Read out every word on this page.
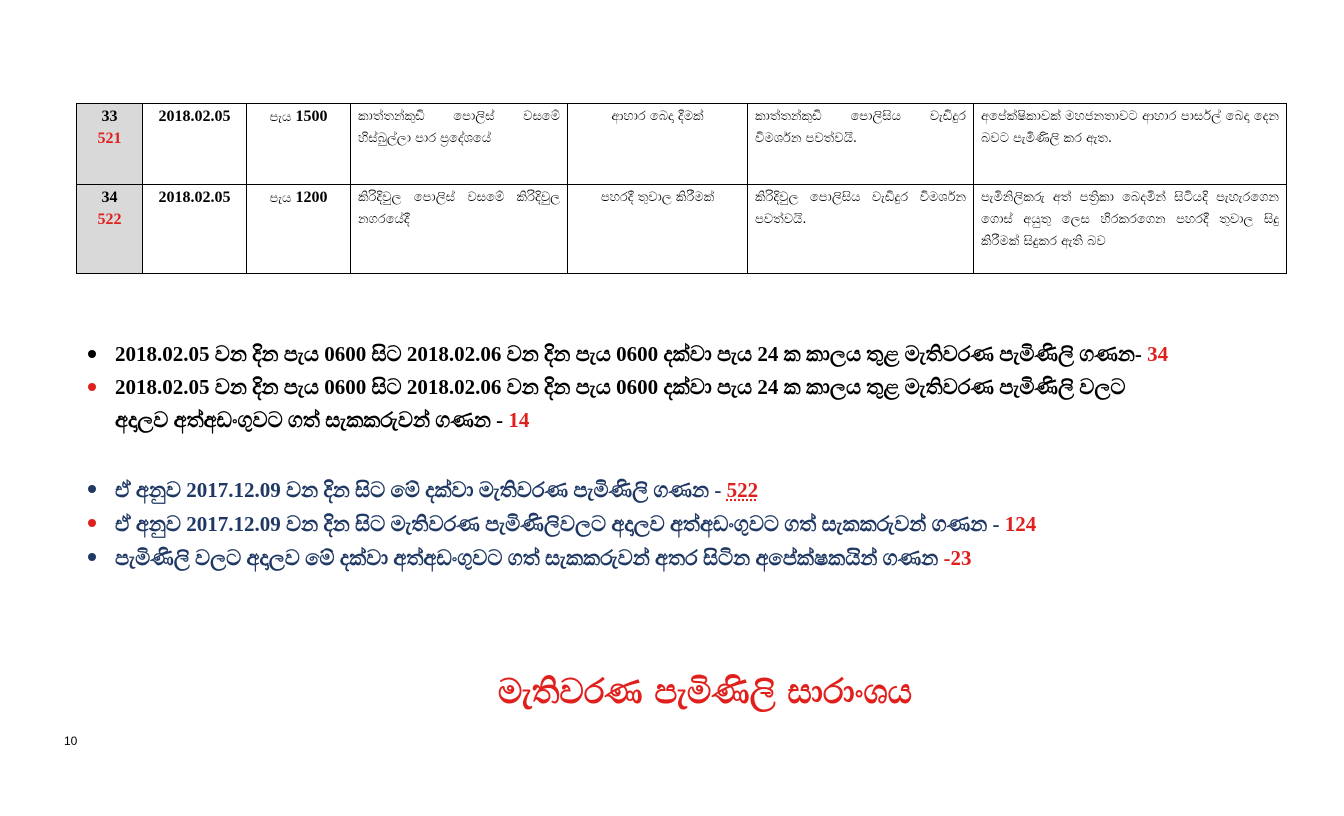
33
521	2018.02.05	පැය 1500	කාත්තන්කුඩි පොලිස් වසමේ හිස්බුල්ලා පාර ප්‍රදේශයේ	ආහාර බෙදා දීමක්	කාත්තන්කුඩි පොලිසිය වැඩිදුර විමර්ශන පවත්වයි.	අපේක්ෂිකාවක් මහජනතාවට ආහාර පාර්සල් බෙදා දෙන බවට පැමිණිලි කර ඇත.

34
522	2018.02.05	පැය 1200	කිරිදිවුල පොලිස් වසමේ කිරිදිවුල නගරයේදී	පහරදී තුවාල කිරීමක්	කිරිදිවුල පොලිසිය වැඩිදුර විමර්ශන පවත්වයි.	පැමිනිලිකරු අත් පත්‍රිකා බෙදමින් සිටියදි පැහැරගෙන ගොස් අයුතු ලෙස හිරකරගෙන පහරදී තුවාල සිදු කිරීමක් සිදුකර ඇති බව
2018.02.05 වන දින පැය 0600 සිට 2018.02.06 වන දින පැය 0600 දක්වා පැය 24 ක කාලය තුළ මැතිවරණ පැමිණිලි ගණන- 34
2018.02.05 වන දින පැය 0600 සිට 2018.02.06 වන දින පැය 0600 දක්වා පැය 24 ක කාලය තුළ මැතිවරණ පැමිණිලි වලට
අදාලව අත්අඩංගුවට ගත් සැකකරුවන් ගණන - 14
ඒ අනුව 2017.12.09 වන දින සිට මේ දක්වා මැතිවරණ පැමිණිලි ගණන - 522
ඒ අනුව 2017.12.09 වන දින සිට මැතිවරණ පැමිණිලිවලට අදාලව අත්අඩංගුවට ගත් සැකකරුවන් ගණන - 124
පැමිණිලි වලට අදාලව මේ දක්වා අත්අඩංගුවට ගත් සැකකරුවන් අතර සිටින අපේක්ෂකයින් ගණන -23
මැතිවරණ පැමිණිලි සාරාංශය
10
